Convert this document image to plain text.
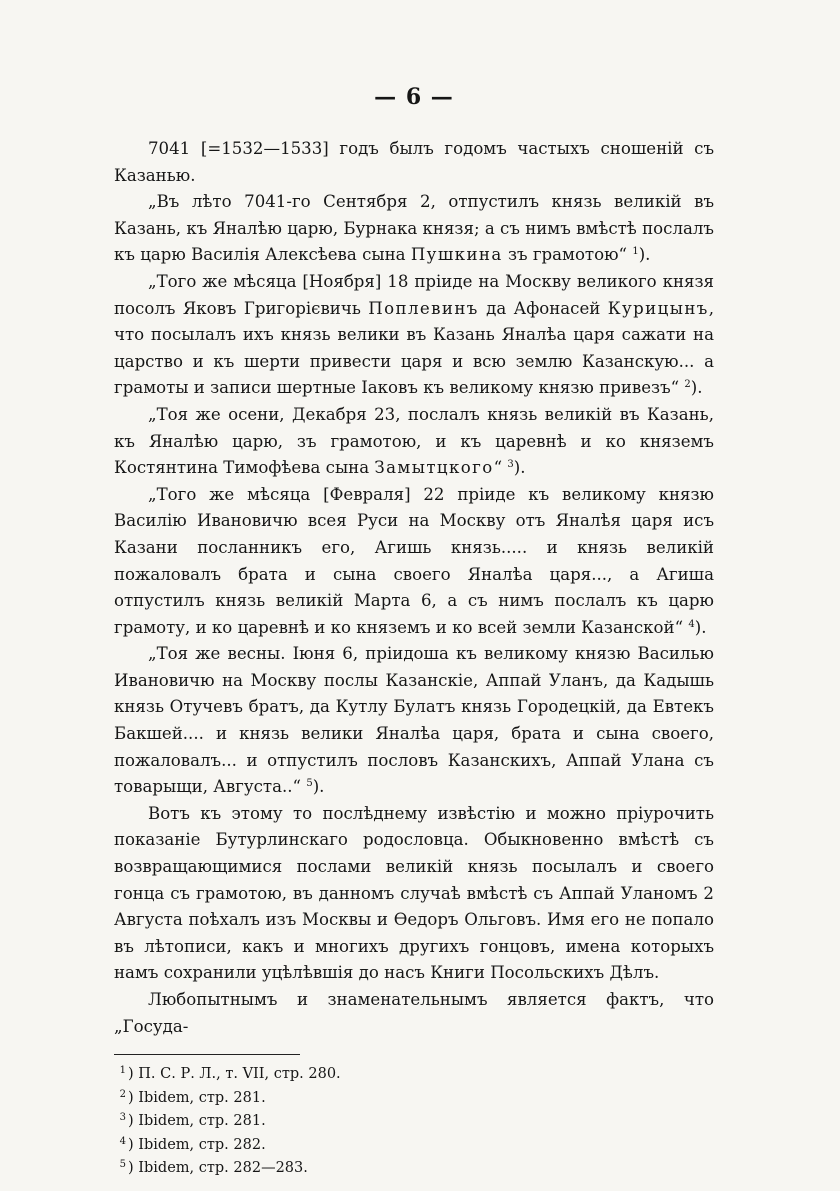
— 6 —

7041 [=1532—1533] годъ былъ годомъ частыхъ сношеній съ Казанью.

„Въ лѣто 7041-го Сентября 2, отпустилъ князь великій въ Казань, къ Яналѣю царю, Бурнака князя; а съ нимъ вмѣстѣ послалъ къ царю Василія Алексѣева сына Пушкина зъ грамотою“ $^1$).

„Того же мѣсяца [Ноября] 18 пріиде на Москву великого князя посолъ Яковъ Григорієвичь Поплевинъ да Афонасей Курицынъ, что посылалъ ихъ князь велики въ Казань Яналѣа царя сажати на царство и къ шерти привести царя и всю землю Казанскую... а грамоты и записи шертные Іаковъ къ великому князю привезъ“ $^2$).

„Тоя же осени, Декабря 23, послалъ князь великій въ Казань, къ Яналѣю царю, зъ грамотою, и къ царевнѣ и ко княземъ Костянтина Тимофѣева сына Замытцкого“ $^3$).

„Того же мѣсяца [Февраля] 22 пріиде къ великому князю Василію Ивановичю всея Руси на Москву отъ Яналѣя царя исъ Казани посланникъ его, Агишь князь..... и князь великій пожаловалъ брата и сына своего Яналѣа царя..., а Агиша отпустилъ князь великій Марта 6, а съ нимъ послалъ къ царю грамоту, и ко царевнѣ и ко княземъ и ко всей земли Казанской“ $^4$).

„Тоя же весны. Іюня 6, пріидоша къ великому князю Василью Ивановичю на Москву послы Казанскіе, Аппай Уланъ, да Кадышь князь Отучевъ братъ, да Кутлу Булатъ князь Городецкій, да Евтекъ Бакшей.... и князь велики Яналѣа царя, брата и сына своего, пожаловалъ... и отпустилъ пословъ Казанскихъ, Аппай Улана съ товарыщи, Августа..“ $^5$).

Вотъ къ этому то послѣднему извѣстію и можно пріурочить показаніе Бутурлинскаго родословца. Обыкновенно вмѣстѣ съ возвращающимися послами великій князь посылалъ и своего гонца съ грамотою, въ данномъ случаѣ вмѣстѣ съ Аппай Уланомъ 2 Августа поѣхалъ изъ Москвы и Ѳедоръ Ольговъ. Имя его не попало въ лѣтописи, какъ и многихъ другихъ гонцовъ, имена которыхъ намъ сохранили уцѣлѣвшія до насъ Книги Посольскихъ Дѣлъ.

Любопытнымъ и знаменательнымъ является фактъ, что „Госуда-

1 ) П. С. Р. Л., т. VII, стр. 280.
2 ) Ibidem, стр. 281.
3 ) Ibidem, стр. 281.
4 ) Ibidem, стр. 282.
5 ) Ibidem, стр. 282—283.
